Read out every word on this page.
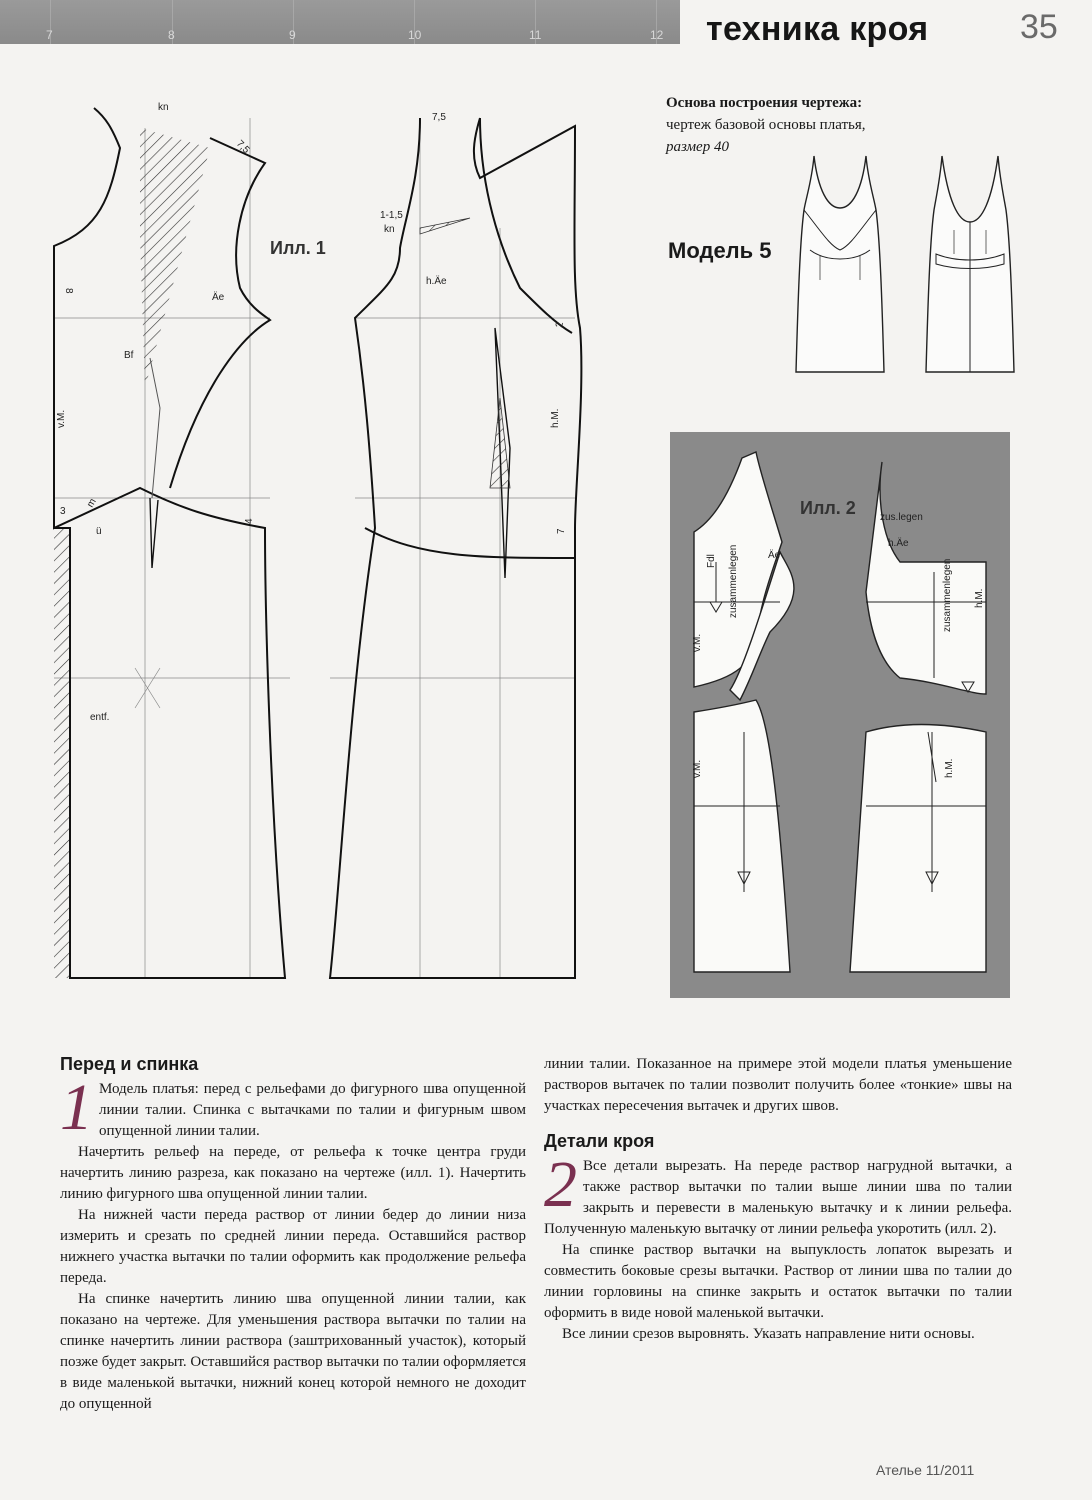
7	8	9	10	11	12 техника кроя	35
Основа построения чертежа:
чертеж базовой основы платья,
размер 40
Модель 5
kn
7,5
7,5
1-1,5
kn
h.Äe
Äe
8
Bf
2
v.M.	h.M.
3
m
ü
4
7
entf.
Илл. 1
zus.legen
h.Äe
Äe
zusammenlegen	zusammenlegen
Fdl
v.M.
h.M.
v.M.	h.M.
Илл. 2
Перед и спинка

1 Модель платья: перед с рельефами до фигурного шва опущенной линии талии. Спинка с вытачками по талии и фигурным швом опущенной линии талии.

Начертить рельеф на переде, от рельефа к точке центра груди начертить линию разреза, как показано на чертеже (илл. 1). Начертить линию фигурного шва опущенной линии талии.

На нижней части переда раствор от линии бедер до линии низа измерить и срезать по средней линии переда. Оставшийся раствор нижнего участка вытачки по талии оформить как продолжение рельефа переда.

На спинке начертить линию шва опущенной линии талии, как показано на чертеже. Для уменьшения раствора вытачки по талии на спинке начертить линии раствора (заштрихованный участок), который позже будет закрыт. Оставшийся раствор вытачки по талии оформляется в виде маленькой вытачки, нижний конец которой немного не доходит до опущенной

линии талии. Показанное на примере этой модели платья уменьшение растворов вытачек по талии позволит получить более «тонкие» швы на участках пересечения вытачек и других швов.

Детали кроя

2 Все детали вырезать. На переде раствор нагрудной вытачки, а также раствор вытачки по талии выше линии шва по талии закрыть и перевести в маленькую вытачку и к линии рельефа. Полученную маленькую вытачку от линии рельефа укоротить (илл. 2).

На спинке раствор вытачки на выпуклость лопаток вырезать и совместить боковые срезы вытачки. Раствор от линии шва по талии до линии горловины на спинке закрыть и остаток вытачки по талии оформить в виде новой маленькой вытачки.

Все линии срезов выровнять. Указать направление нити основы.

Ателье 11/2011
